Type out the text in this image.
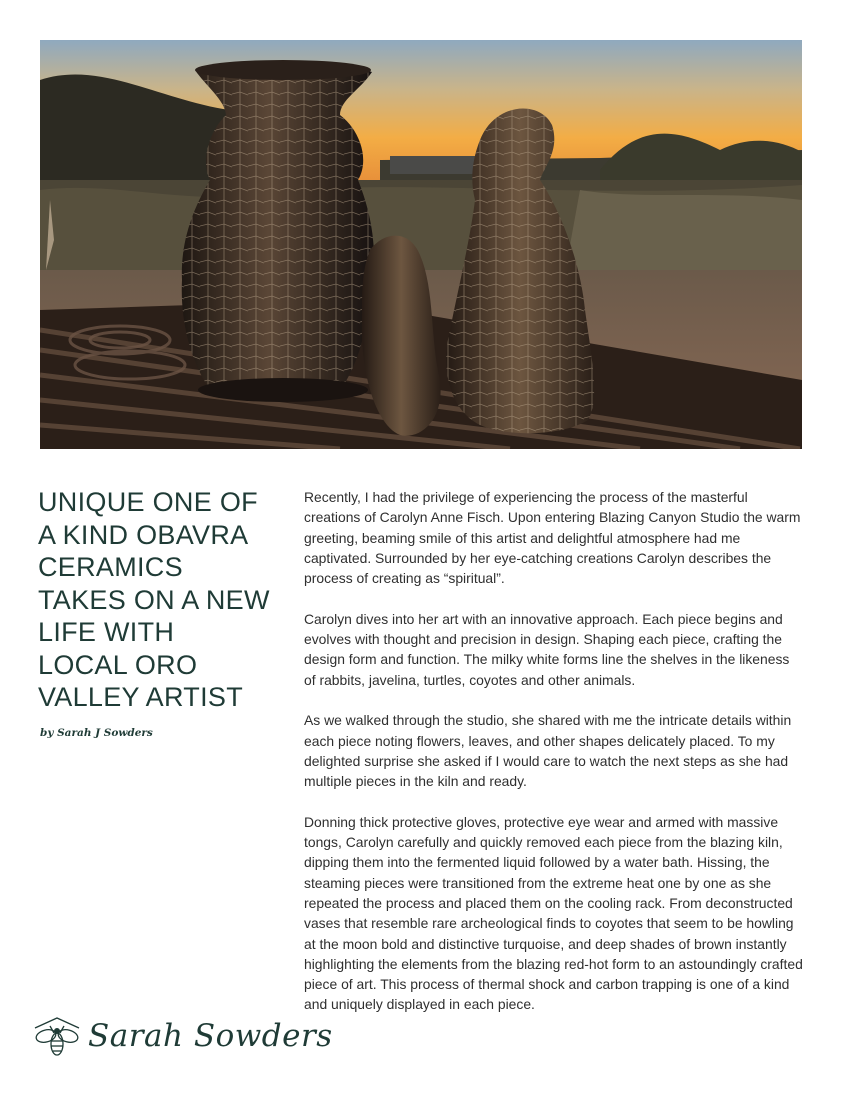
UNIQUE ONE OF A KIND OBAVRA CERAMICS TAKES ON A NEW LIFE WITH LOCAL ORO VALLEY ARTIST
by Sarah J Sowders

Recently, I had the privilege of experiencing the process of the masterful creations of Carolyn Anne Fisch. Upon entering Blazing Canyon Studio the warm greeting, beaming smile of this artist and delightful atmosphere had me captivated. Surrounded by her eye-catching creations Carolyn describes the process of creating as “spiritual”.

Carolyn dives into her art with an innovative approach. Each piece begins and evolves with thought and precision in design. Shaping each piece, crafting the design form and function. The milky white forms line the shelves in the likeness of rabbits, javelina, turtles, coyotes and other animals.

As we walked through the studio, she shared with me the intricate details within each piece noting flowers, leaves, and other shapes delicately placed. To my delighted surprise she asked if I would care to watch the next steps as she had multiple pieces in the kiln and ready.

Donning thick protective gloves, protective eye wear and armed with massive tongs, Carolyn carefully and quickly removed each piece from the blazing kiln, dipping them into the fermented liquid followed by a water bath. Hissing, the steaming pieces were transitioned from the extreme heat one by one as she repeated the process and placed them on the cooling rack. From deconstructed vases that resemble rare archeological finds to coyotes that seem to be howling at the moon bold and distinctive turquoise, and deep shades of brown instantly highlighting the elements from the blazing red-hot form to an astoundingly crafted piece of art. This process of thermal shock and carbon trapping is one of a kind and uniquely displayed in each piece.

Sarah Sowders
